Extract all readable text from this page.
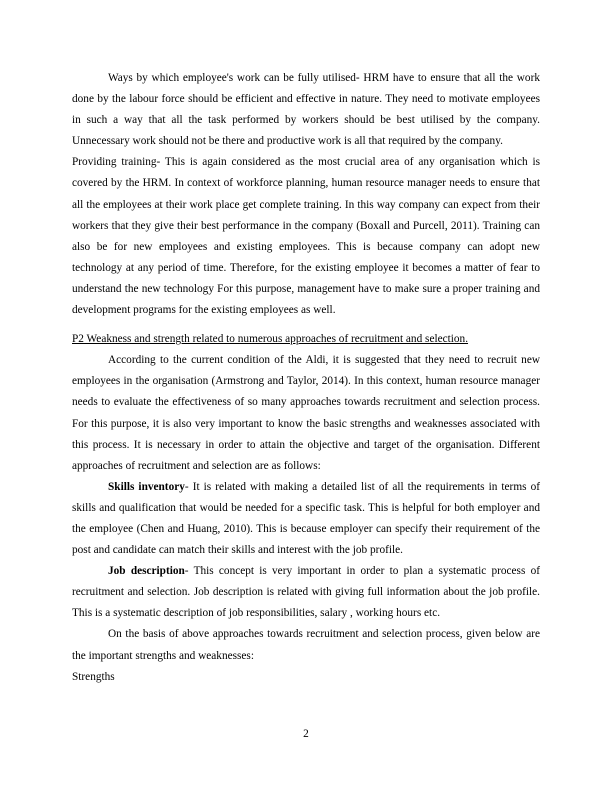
Ways by which employee's work can be fully utilised- HRM have to ensure that all the work done by the labour force should be efficient and effective in nature. They need to motivate employees in such a way that all the task performed by workers should be best utilised by the company. Unnecessary work should not be there and productive work is all that required by the company.

Providing training- This is again considered as the most crucial area of any organisation which is covered by the HRM. In context of workforce planning, human resource manager needs to ensure that all the employees at their work place get complete training. In this way company can expect from their workers that they give their best performance in the company (Boxall and Purcell, 2011). Training can also be for new employees and existing employees. This is because company can adopt new technology at any period of time. Therefore, for the existing employee it becomes a matter of fear to understand the new technology For this purpose, management have to make sure a proper training and development programs for the existing employees as well.

P2 Weakness and strength related to numerous approaches of recruitment and selection.

According to the current condition of the Aldi, it is suggested that they need to recruit new employees in the organisation (Armstrong and Taylor, 2014). In this context, human resource manager needs to evaluate the effectiveness of so many approaches towards recruitment and selection process. For this purpose, it is also very important to know the basic strengths and weaknesses associated with this process. It is necessary in order to attain the objective and target of the organisation. Different approaches of recruitment and selection are as follows:

Skills inventory- It is related with making a detailed list of all the requirements in terms of skills and qualification that would be needed for a specific task. This is helpful for both employer and the employee (Chen and Huang, 2010). This is because employer can specify their requirement of the post and candidate can match their skills and interest with the job profile.

Job description- This concept is very important in order to plan a systematic process of recruitment and selection. Job description is related with giving full information about the job profile. This is a systematic description of job responsibilities, salary , working hours etc.

On the basis of above approaches towards recruitment and selection process, given below are the important strengths and weaknesses:

Strengths

2
